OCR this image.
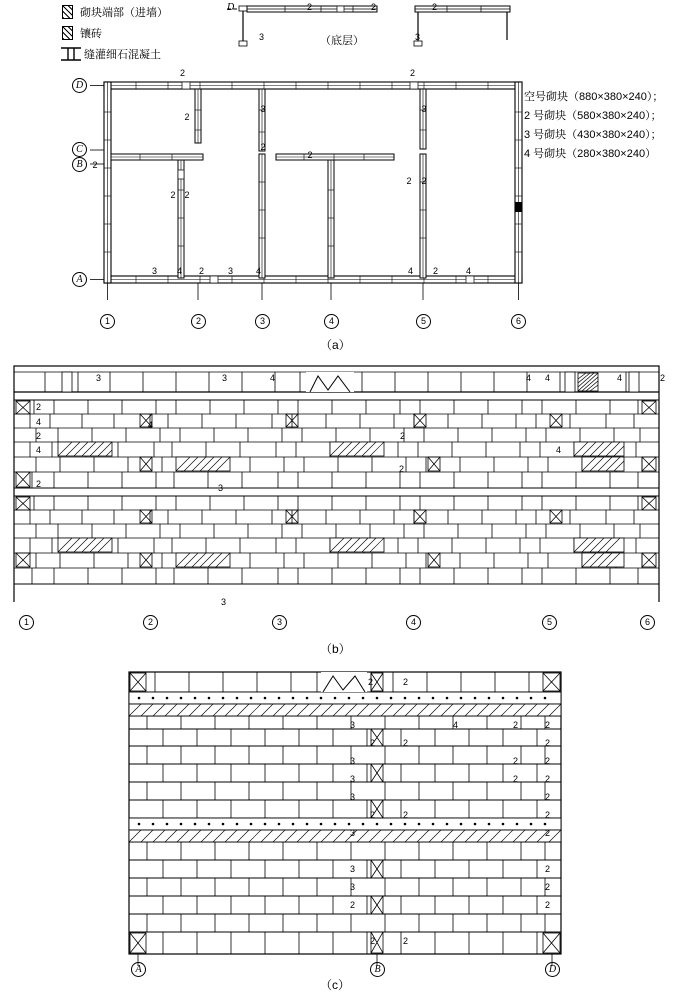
砌块端部（进墙）
镶砖
缝灌细石混凝土
D
3
2	2	2
3
（底层）
空号砌块（880×380×240）；
2 号砌块（580×380×240）；
3 号砌块（430×380×240）；
4 号砌块（280×380×240）
D
C
B
A
1	2	3	4	5	6
2	2
2
3
2
3
2
2
2
2
2
2
3 4 2	3	4	4 2	4
（a）
3	3	4	4 4	4	2
2
4
2
4
2
4
3
2
2
4
3
1	2	3	4	5	6
（b）
2	2
3	4	2	2
2	2	2
3	2	2
3	2	2
3
2	2
3	2
2
2	2
3	2
3	2
2
2
2
A	B	D
（c）
